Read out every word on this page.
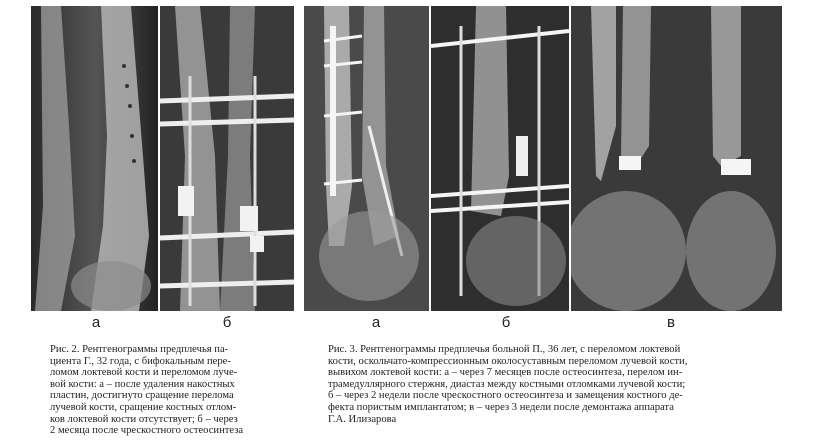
а	б	а	б	в
Рис. 2. Рентгенограммы предплечья па-
циента Г., 32 года, с бифокальным пере-
ломом локтевой кости и переломом луче-
вой кости: а – после удаления накостных
пластин, достигнуто сращение перелома
лучевой кости, сращение костных отлом-
ков локтевой кости отсутствует; б – через
2 месяца после чрескостного остеосинтеза
Рис. 3. Рентгенограммы предплечья больной П., 36 лет, с переломом локтевой
кости, оскольчато-компрессионным околосуставным переломом лучевой кости,
вывихом локтевой кости: а – через 7 месяцев после остеосинтеза, перелом ин-
трамедуллярного стержня, диастаз между костными отломками лучевой кости;
б – через 2 недели после чрескостного остеосинтеза и замещения костного де-
фекта пористым имплантатом; в – через 3 недели после демонтажа аппарата
Г.А. Илизарова
